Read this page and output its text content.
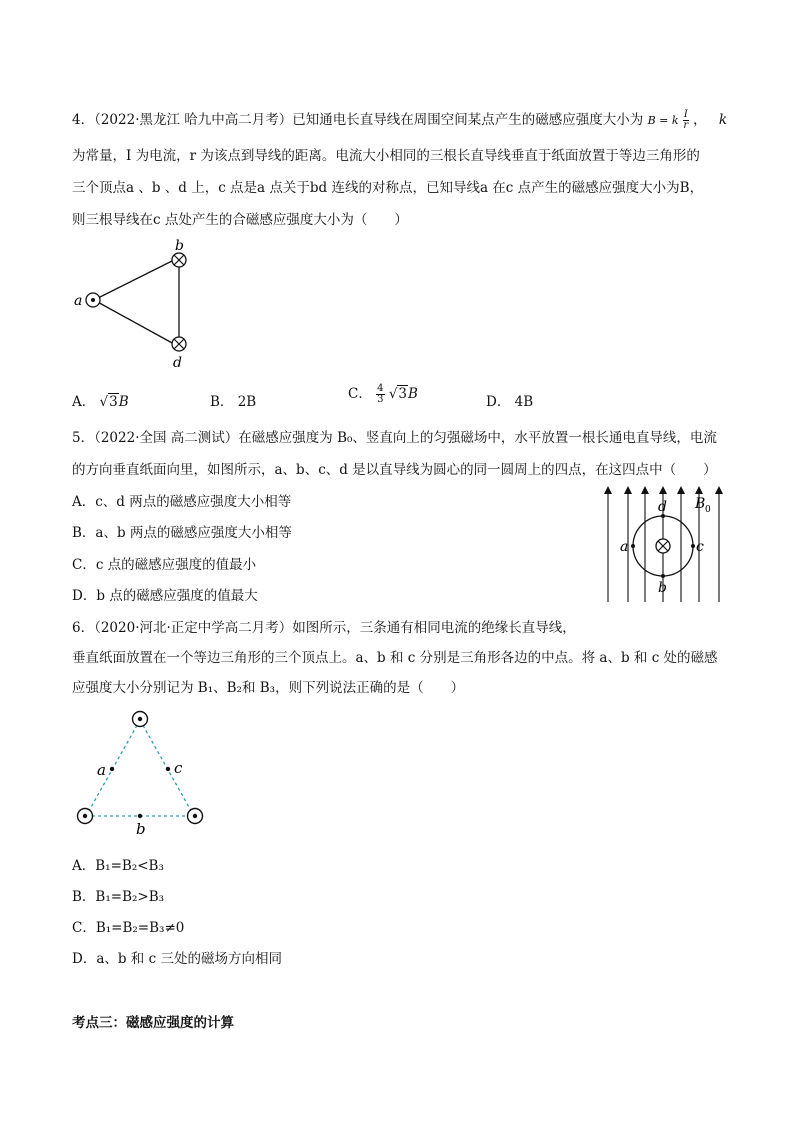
4．（2022·黑龙江 哈九中高二月考）已知通电长直导线在周围空间某点产生的磁感应强度大小为 B = k $\frac{I}{r}$ ， k
为常量，I 为电流，r 为该点到导线的距离。电流大小相同的三根长直导线垂直于纸面放置于等边三角形的
三个顶点a 、b 、d 上，c 点是a 点关于bd 连线的对称点，已知导线a 在c 点产生的磁感应强度大小为B，
则三根导线在c 点处产生的合磁感应强度大小为（　　）
a
b
d
A． √3B	B． 2B	C． $\frac{4}{3} √3B$	D． 4B
5．（2022·全国 高二测试）在磁感应强度为 B₀、竖直向上的匀强磁场中，水平放置一根长通电直导线，电流
的方向垂直纸面向里，如图所示，a、b、c、d 是以直导线为圆心的同一圆周上的四点，在这四点中（　　）
A．c、d 两点的磁感应强度大小相等
B．a、b 两点的磁感应强度大小相等
C．c 点的磁感应强度的值最小
D．b 点的磁感应强度的值最大
a	c
d
b
B 0
6．（2020·河北·正定中学高二月考）如图所示，三条通有相同电流的绝缘长直导线，
垂直纸面放置在一个等边三角形的三个顶点上。a、b 和 c 分别是三角形各边的中点。将 a、b 和 c 处的磁感
应强度大小分别记为 B₁、B₂和 B₃，则下列说法正确的是（　　）
a	c
b
A．B₁=B₂<B₃
B．B₁=B₂>B₃
C．B₁=B₂=B₃≠0
D．a、b 和 c 三处的磁场方向相同
考点三：磁感应强度的计算
